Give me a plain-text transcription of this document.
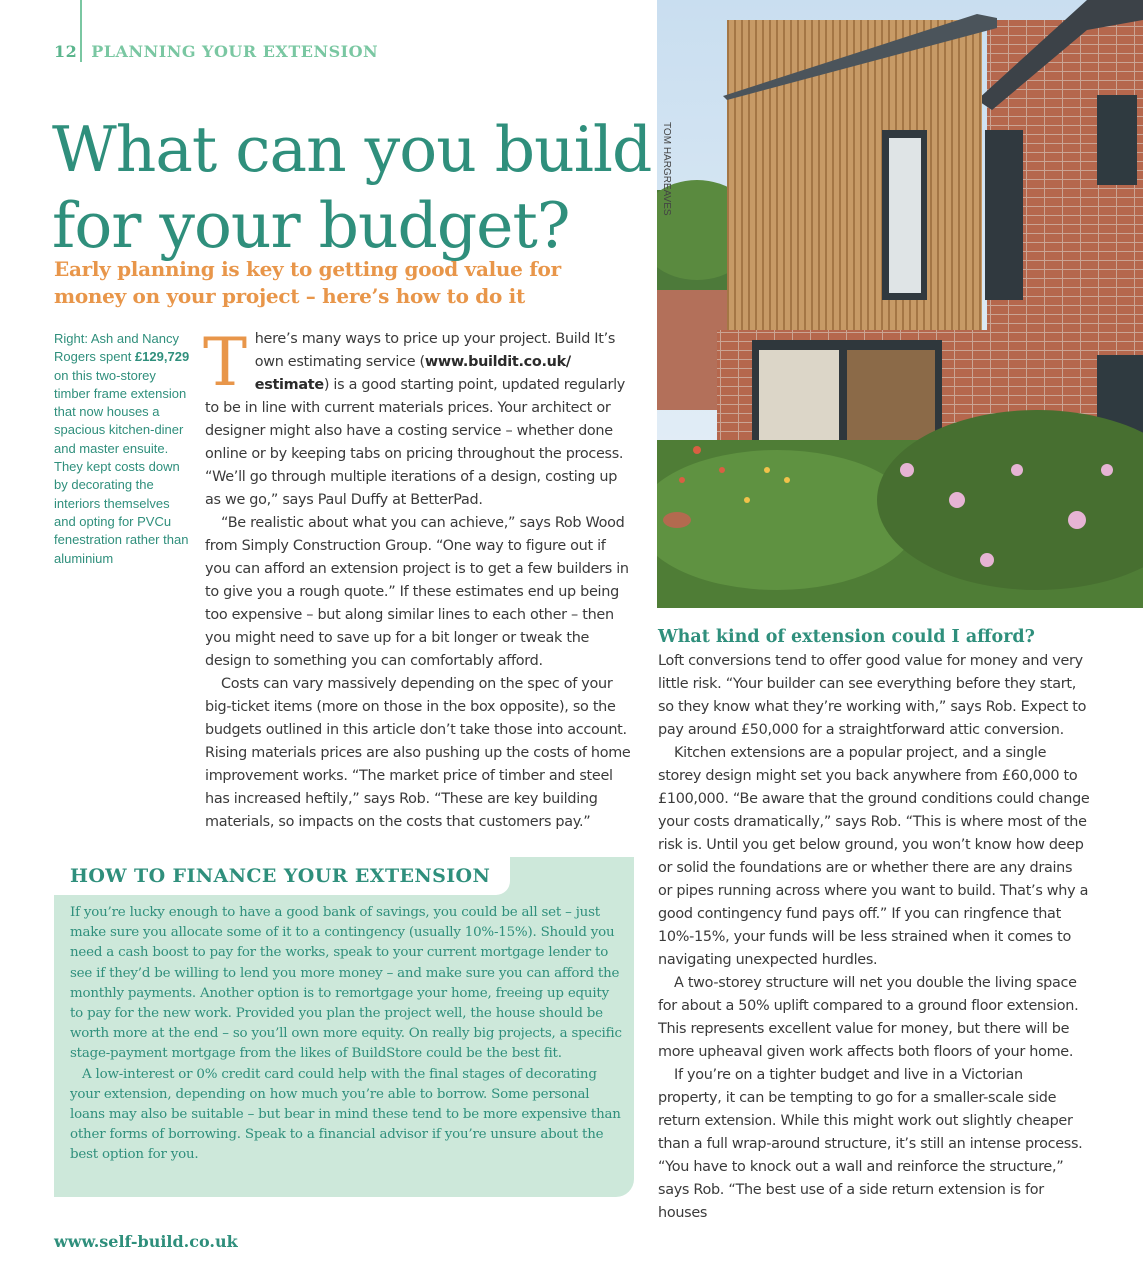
12 PLANNING YOUR EXTENSION
What can you build for your budget?

Early planning is key to getting good value for money on your project – here’s how to do it

Right: Ash and Nancy Rogers spent £129,729 on this two-storey timber frame extension that now houses a spacious kitchen-diner and master ensuite. They kept costs down by decorating the interiors themselves and opting for PVCu fenestration rather than aluminium

There’s many ways to price up your project. Build It’s own estimating service (www.buildit.co.uk/ estimate) is a good starting point, updated regularly to be in line with current materials prices. Your architect or designer might also have a costing service – whether done online or by keeping tabs on pricing throughout the process. “We’ll go through multiple iterations of a design, costing up as we go,” says Paul Duffy at BetterPad.

“Be realistic about what you can achieve,” says Rob Wood from Simply Construction Group. “One way to figure out if you can afford an extension project is to get a few builders in to give you a rough quote.” If these estimates end up being too expensive – but along similar lines to each other – then you might need to save up for a bit longer or tweak the design to something you can comfortably afford.

Costs can vary massively depending on the spec of your big-ticket items (more on those in the box opposite), so the budgets outlined in this article don’t take those into account. Rising materials prices are also pushing up the costs of home improvement works. “The market price of timber and steel has increased heftily,” says Rob. “These are key building materials, so impacts on the costs that customers pay.”

HOW TO FINANCE YOUR EXTENSION

If you’re lucky enough to have a good bank of savings, you could be all set – just make sure you allocate some of it to a contingency (usually 10%-15%). Should you need a cash boost to pay for the works, speak to your current mortgage lender to see if they’d be willing to lend you more money – and make sure you can afford the monthly payments. Another option is to remortgage your home, freeing up equity to pay for the new work. Provided you plan the project well, the house should be worth more at the end – so you’ll own more equity. On really big projects, a specific stage-payment mortgage from the likes of BuildStore could be the best fit.

A low-interest or 0% credit card could help with the final stages of decorating your extension, depending on how much you’re able to borrow. Some personal loans may also be suitable – but bear in mind these tend to be more expensive than other forms of borrowing. Speak to a financial advisor if you’re unsure about the best option for you.

TOM HARGREAVES
What kind of extension could I afford?

Loft conversions tend to offer good value for money and very little risk. “Your builder can see everything before they start, so they know what they’re working with,” says Rob. Expect to pay around £50,000 for a straightforward attic conversion.

Kitchen extensions are a popular project, and a single storey design might set you back anywhere from £60,000 to £100,000. “Be aware that the ground conditions could change your costs dramatically,” says Rob. “This is where most of the risk is. Until you get below ground, you won’t know how deep or solid the foundations are or whether there are any drains or pipes running across where you want to build. That’s why a good contingency fund pays off.” If you can ringfence that 10%-15%, your funds will be less strained when it comes to navigating unexpected hurdles.

A two-storey structure will net you double the living space for about a 50% uplift compared to a ground floor extension. This represents excellent value for money, but there will be more upheaval given work affects both floors of your home.

If you’re on a tighter budget and live in a Victorian property, it can be tempting to go for a smaller-scale side return extension. While this might work out slightly cheaper than a full wrap-around structure, it’s still an intense process. “You have to knock out a wall and reinforce the structure,” says Rob. “The best use of a side return extension is for houses

www.self-build.co.uk
